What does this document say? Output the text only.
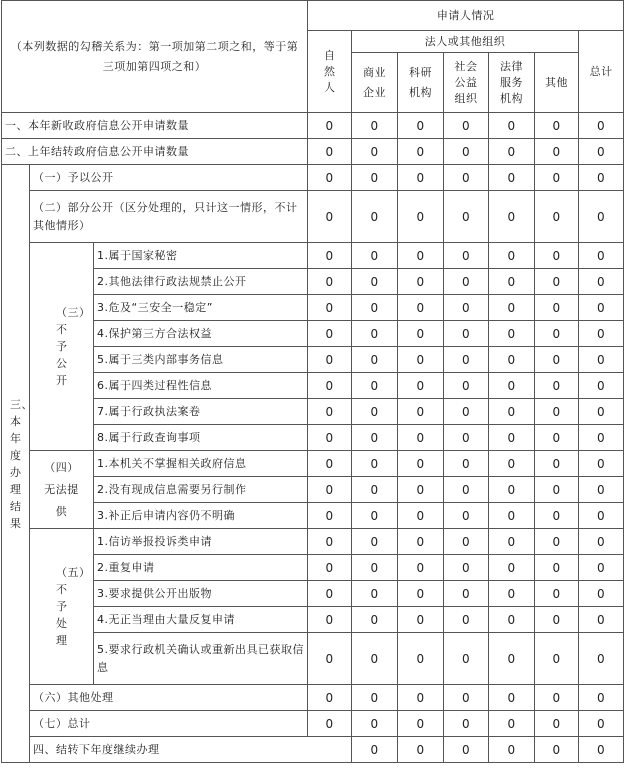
（本列数据的勾稽关系为：第一项加第二项之和，等于第三项加第四项之和）			申请人情况							

			自然人	法人或其他组织					总计	

				商业企业	科研机构	社会公益组织	法律服务机构	其他		
一、本年新收政府信息公开申请数量			0	0	0	0	0	0	0	
二、上年结转政府信息公开申请数量			0	0	0	0	0	0	0	

三、本年度办理结果	（一）予以公开		0	0	0	0	0	0	0	
	（二）部分公开（区分处理的，只计这一情形，不计其他情形）		0	0	0	0	0	0	0	

	（三）不予公开	1.属于国家秘密	0	0	0	0	0	0	0	
		2.其他法律行政法规禁止公开	0	0	0	0	0	0	0	
		3.危及“三安全一稳定”	0	0	0	0	0	0	0	
		4.保护第三方合法权益	0	0	0	0	0	0	0	
		5.属于三类内部事务信息	0	0	0	0	0	0	0	
		6.属于四类过程性信息	0	0	0	0	0	0	0	
		7.属于行政执法案卷	0	0	0	0	0	0	0	
		8.属于行政查询事项	0	0	0	0	0	0	0	

	（四）无法提供	1.本机关不掌握相关政府信息	0	0	0	0	0	0	0	
		2.没有现成信息需要另行制作	0	0	0	0	0	0	0	
		3.补正后申请内容仍不明确	0	0	0	0	0	0	0	

	（五）不予处理	1.信访举报投诉类申请	0	0	0	0	0	0	0	
		2.重复申请	0	0	0	0	0	0	0	
		3.要求提供公开出版物	0	0	0	0	0	0	0	
		4.无正当理由大量反复申请	0	0	0	0	0	0	0	
		5.要求行政机关确认或重新出具已获取信息	0	0	0	0	0	0	0	
	（六）其他处理		0	0	0	0	0	0	0	
	（七）总计		0	0	0	0	0	0	0	
	四、结转下年度继续办理			0	0	0	0	0	0	
